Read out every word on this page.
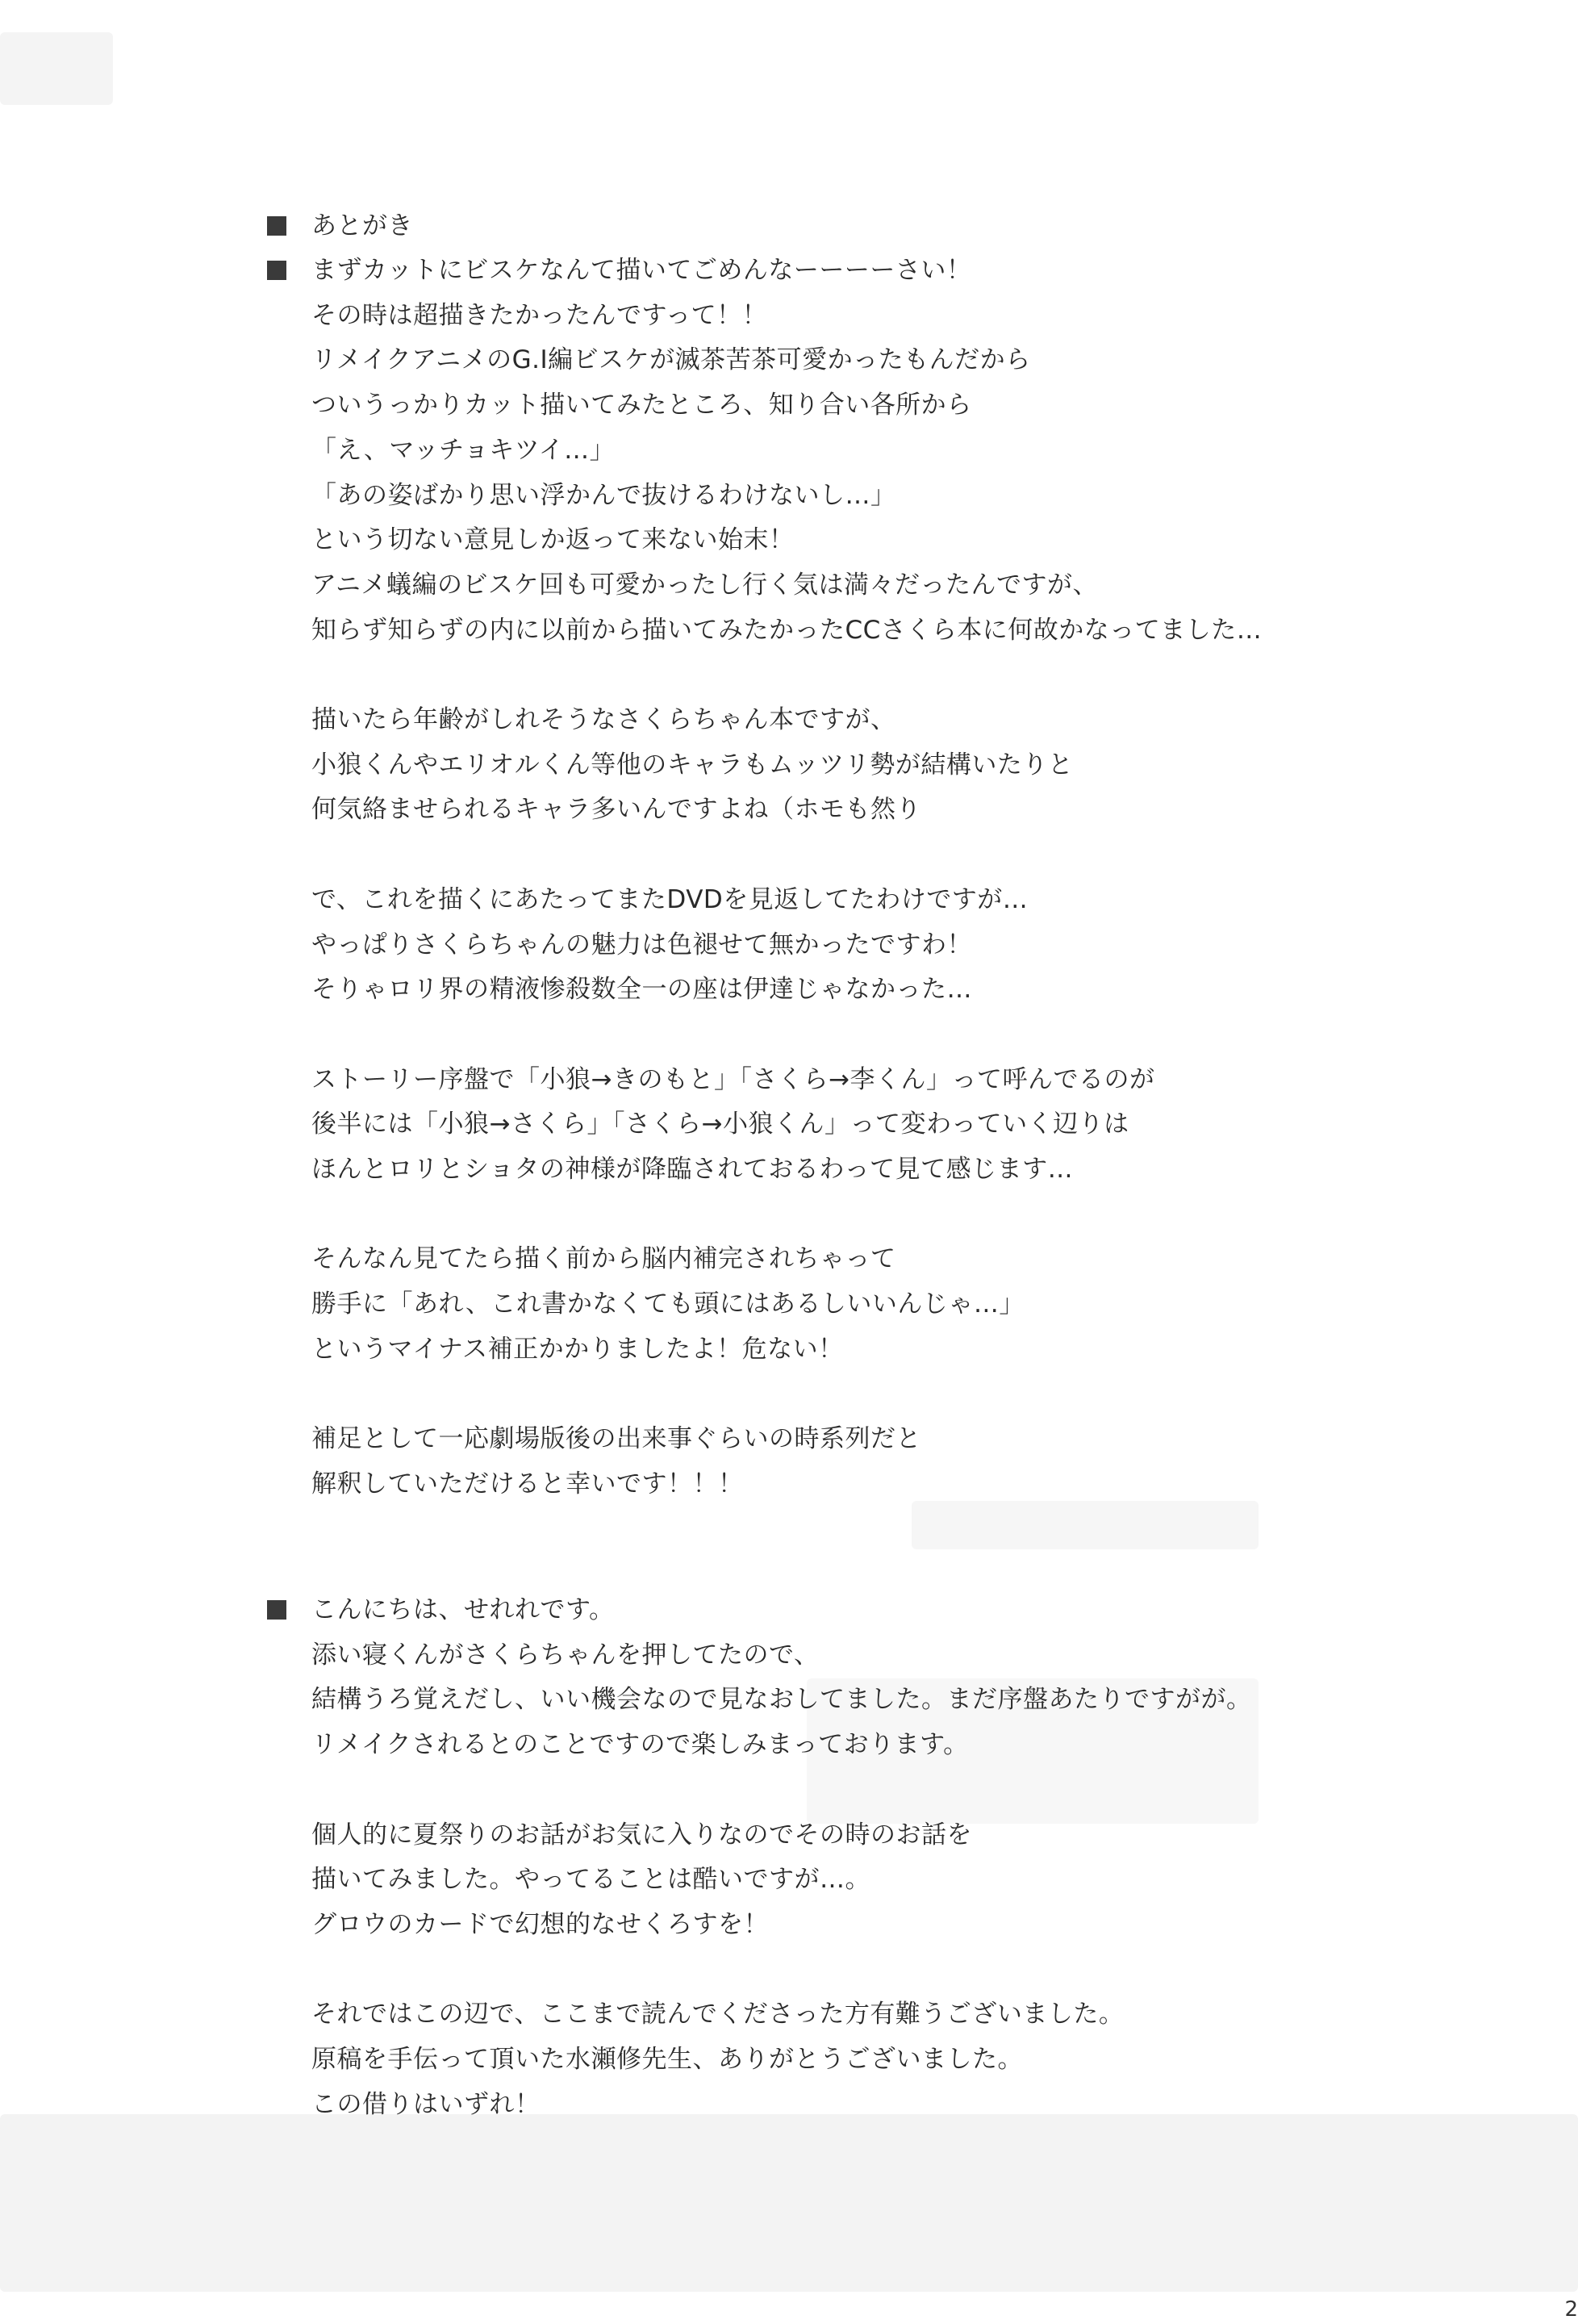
あとがき
まずカットにビスケなんて描いてごめんなーーーーさい！
その時は超描きたかったんですって！！
リメイクアニメのG.I編ビスケが滅茶苦茶可愛かったもんだから
ついうっかりカット描いてみたところ、知り合い各所から
「え、マッチョキツイ…」
「あの姿ばかり思い浮かんで抜けるわけないし…」
という切ない意見しか返って来ない始末！
アニメ蟻編のビスケ回も可愛かったし行く気は満々だったんですが、
知らず知らずの内に以前から描いてみたかったCCさくら本に何故かなってました…
描いたら年齢がしれそうなさくらちゃん本ですが、
小狼くんやエリオルくん等他のキャラもムッツリ勢が結構いたりと
何気絡ませられるキャラ多いんですよね（ホモも然り
で、これを描くにあたってまたDVDを見返してたわけですが…
やっぱりさくらちゃんの魅力は色褪せて無かったですわ！
そりゃロリ界の精液惨殺数全一の座は伊達じゃなかった…
ストーリー序盤で「小狼→きのもと」「さくら→李くん」って呼んでるのが
後半には「小狼→さくら」「さくら→小狼くん」って変わっていく辺りは
ほんとロリとショタの神様が降臨されておるわって見て感じます…
そんなん見てたら描く前から脳内補完されちゃって
勝手に「あれ、これ書かなくても頭にはあるしいいんじゃ…」
というマイナス補正かかりましたよ！危ない！
補足として一応劇場版後の出来事ぐらいの時系列だと
解釈していただけると幸いです！！！
こんにちは、せれれです。
添い寝くんがさくらちゃんを押してたので、
結構うろ覚えだし、いい機会なので見なおしてました。まだ序盤あたりですがが。
リメイクされるとのことですので楽しみまっております。
個人的に夏祭りのお話がお気に入りなのでその時のお話を
描いてみました。やってることは酷いですが…。
グロウのカードで幻想的なせくろすを！
それではこの辺で、ここまで読んでくださった方有難うございました。
原稿を手伝って頂いた水瀬修先生、ありがとうございました。
この借りはいずれ！
2
